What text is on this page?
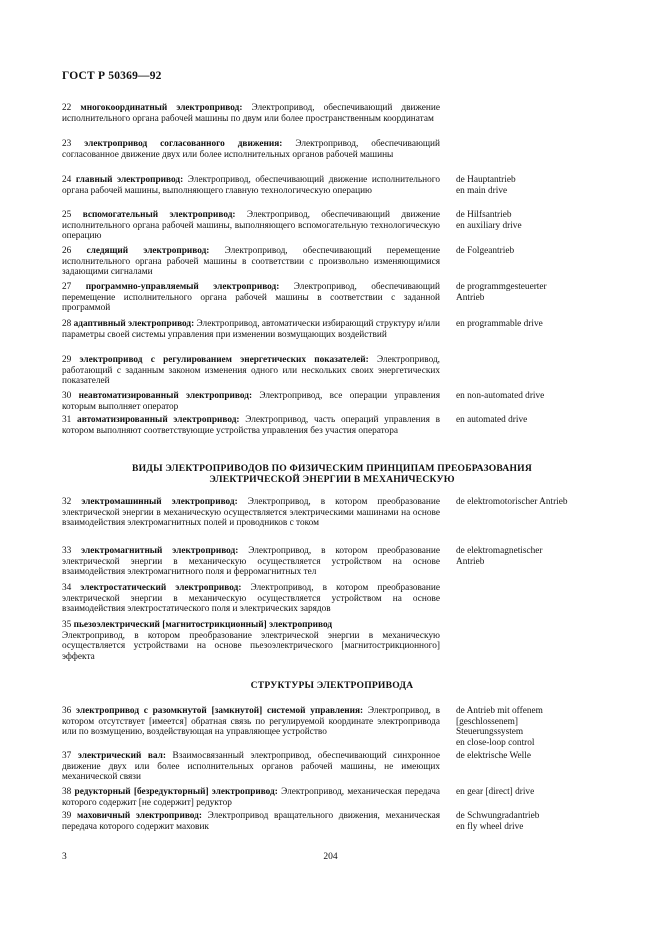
ГОСТ Р 50369—92
22 многокоординатный электропривод: Электропривод, обеспечивающий движение исполнительного органа рабочей машины по двум или более пространственным координатам
23 электропривод согласованного движения: Электропривод, обеспечивающий согласованное движение двух или более исполнительных органов рабочей машины
24 главный электропривод: Электропривод, обеспечивающий движение исполнительного органа рабочей машины, выполняющего главную технологическую операцию
de Hauptantrieb
en main drive
25 вспомогательный электропривод: Электропривод, обеспечивающий движение исполнительного органа рабочей машины, выполняющего вспомогательную технологическую операцию
de Hilfsantrieb
en auxiliary drive
26 следящий электропривод: Электропривод, обеспечивающий перемещение исполнительного органа рабочей машины в соответствии с произвольно изменяющимися задающими сигналами
de Folgeantrieb
27 программно-управляемый электропривод: Электропривод, обеспечивающий перемещение исполнительного органа рабочей машины в соответствии с заданной программой
de programmgesteuerter
Antrieb
28 адаптивный электропривод: Электропривод, автоматически избирающий структуру и/или параметры своей системы управления при изменении возмущающих воздействий
en programmable drive
29 электропривод с регулированием энергетических показателей: Электропривод, работающий с заданным законом изменения одного или нескольких своих энергетических показателей
30 неавтоматизированный электропривод: Электропривод, все операции управления которым выполняет оператор
en non-automated drive
31 автоматизированный электропривод: Электропривод, часть операций управления в котором выполняют соответствующие устройства управления без участия оператора
en automated drive
ВИДЫ ЭЛЕКТРОПРИВОДОВ ПО ФИЗИЧЕСКИМ ПРИНЦИПАМ ПРЕОБРАЗОВАНИЯ
ЭЛЕКТРИЧЕСКОЙ ЭНЕРГИИ В МЕХАНИЧЕСКУЮ
32 электромашинный электропривод: Электропривод, в котором преобразование электрической энергии в механическую осуществляется электрическими машинами на основе взаимодействия электромагнитных полей и проводников с током
de elektromotorischer Antrieb
33 электромагнитный электропривод: Электропривод, в котором преобразование электрической энергии в механическую осуществляется устройством на основе взаимодействия электромагнитного поля и ферромагнитных тел
de elektromagnetischer
Antrieb
34 электростатический электропривод: Электропривод, в котором преобразование электрической энергии в механическую осуществляется устройством на основе взаимодействия электростатического поля и электрических зарядов
35 пьезоэлектрический [магнитострикционный] электропривод
Электропривод, в котором преобразование электрической энергии в механическую осуществляется устройствами на основе пьезоэлектрического [магнитострикционного] эффекта
СТРУКТУРЫ ЭЛЕКТРОПРИВОДА
36 электропривод с разомкнутой [замкнутой] системой управления: Электропривод, в котором отсутствует [имеется] обратная связь по регулируемой координате электропривода или по возмущению, воздействующая на управляющее устройство
de Antrieb mit offenem
[geschlossenem]
Steuerungssystem
en close-loop control
37 электрический вал: Взаимосвязанный электропривод, обеспечивающий синхронное движение двух или более исполнительных органов рабочей машины, не имеющих механической связи
de elektrische Welle
38 редукторный [безредукторный] электропривод: Электропривод, механическая передача которого содержит [не содержит] редуктор
en gear [direct] drive
39 маховичный электропривод: Электропривод вращательного движения, механическая передача которого содержит маховик
de Schwungradantrieb
en fly wheel drive
3	204
